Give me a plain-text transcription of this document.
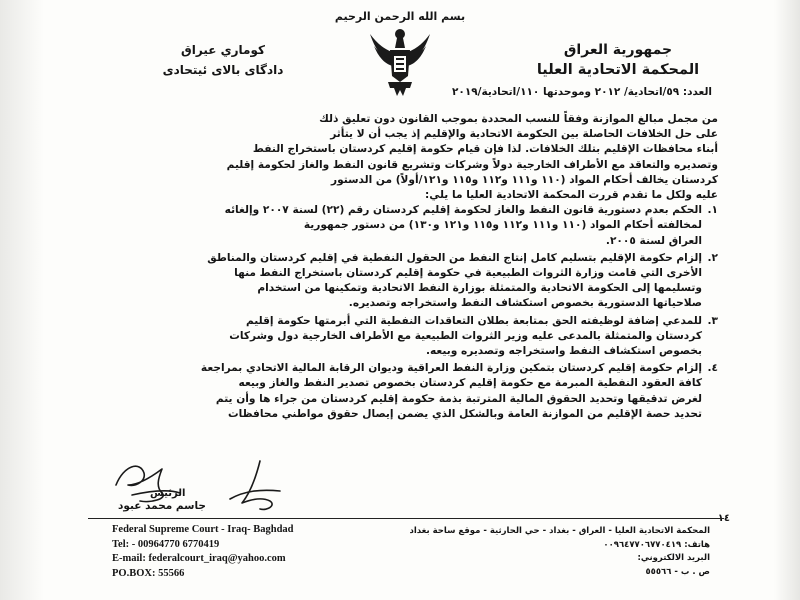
بسم الله الرحمن الرحيم
جمهورية العراق
المحكمة الاتحادية العليا
كوماري عيراق
دادگای بالای ئیتحادی
العدد: ٥٩/اتحادية/ ٢٠١٢ وموحدتها ١١٠/اتحادية/٢٠١٩

من مجمل مبالغ الموازنة وفقاً للنسب المحددة بموجب القانون دون تعليق ذلك

على حل الخلافات الحاصلة بين الحكومة الاتحادية والإقليم إذ يجب أن لا يتأثر

أبناء محافظات الإقليم بتلك الخلافات. لذا فإن قيام حكومة إقليم كردستان باستخراج النفط

وتصديره والتعاقد مع الأطراف الخارجية دولاً وشركات وتشريع قانون النفط والغاز لحكومة إقليم

كردستان يخالف أحكام المواد (١١٠ و١١١ و١١٢ و١١٥ و١٢١/أولاً) من الدستور

عليه ولكل ما تقدم قررت المحكمة الاتحادية العليا ما يلي:

١.

الحكم بعدم دستورية قانون النفط والغاز لحكومة إقليم كردستان رقم (٢٢) لسنة ٢٠٠٧ وإلغائه

لمخالفته أحكام المواد (١١٠ و١١١ و١١٢ و١١٥ و١٢١ و١٣٠) من دستور جمهورية

العراق لسنة ٢٠٠٥.

٢.

إلزام حكومة الإقليم بتسليم كامل إنتاج النفط من الحقول النفطية في إقليم كردستان والمناطق

الأخرى التي قامت وزارة الثروات الطبيعية في حكومة إقليم كردستان باستخراج النفط منها

وتسليمها إلى الحكومة الاتحادية والمتمثلة بوزارة النفط الاتحادية وتمكينها من استخدام

صلاحياتها الدستورية بخصوص استكشاف النفط واستخراجه وتصديره.

٣.

للمدعي إضافة لوظيفته الحق بمتابعة بطلان التعاقدات النفطية التي أبرمتها حكومة إقليم

كردستان والمتمثلة بالمدعى عليه وزير الثروات الطبيعية مع الأطراف الخارجية دول وشركات

بخصوص استكشاف النفط واستخراجه وتصديره وبيعه.

٤.

إلزام حكومة إقليم كردستان بتمكين وزارة النفط العراقية وديوان الرقابة المالية الاتحادي بمراجعة

كافة العقود النفطية المبرمة مع حكومة إقليم كردستان بخصوص تصدير النفط والغاز وبيعه

لغرض تدقيقها وتحديد الحقوق المالية المترتبة بذمة حكومة إقليم كردستان من جراء ها وأن يتم

تحديد حصة الإقليم من الموازنة العامة وبالشكل الذي يضمن إيصال حقوق مواطني محافظات

الرئيس
جاسم محمد عبود
١٤
Federal Supreme Court - Iraq- Baghdad
Tel: - 00964770 6770419
E-mail: federalcourt_iraq@yahoo.com
PO.BOX: 55566
المحكمة الاتحادية العليا - العراق - بغداد - حي الحارثية - موقع ساحة بغداد
هاتف: ٠٠٩٦٤٧٧٠٦٧٧٠٤١٩
البريد الالكتروني:
ص . ب - ٥٥٥٦٦
